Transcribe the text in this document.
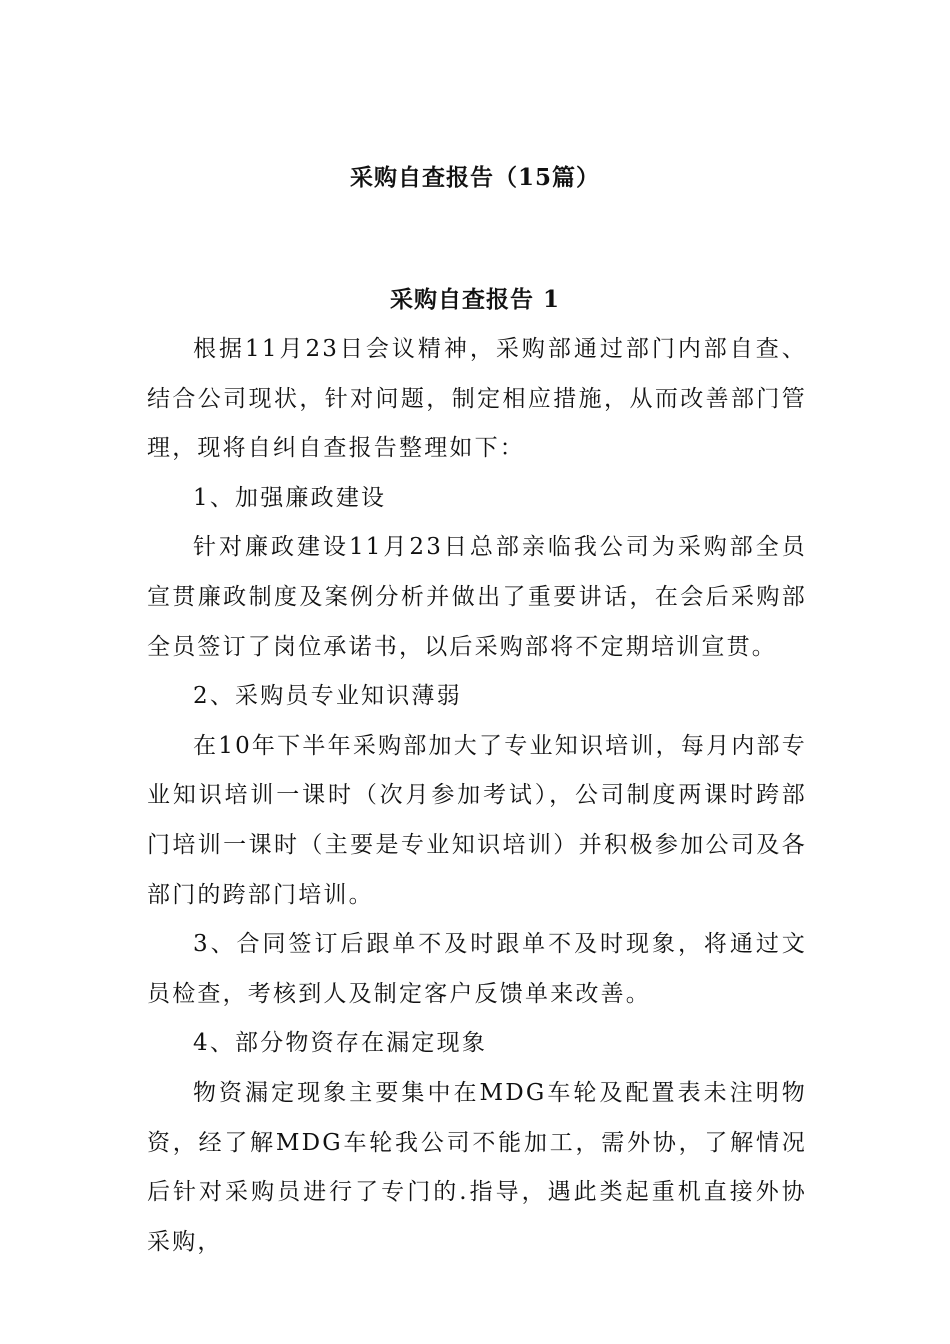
采购自查报告（15篇）
采购自查报告 1

根据11月23日会议精神，采购部通过部门内部自查、结合公司现状，针对问题，制定相应措施，从而改善部门管理，现将自纠自查报告整理如下：

1、加强廉政建设

针对廉政建设11月23日总部亲临我公司为采购部全员宣贯廉政制度及案例分析并做出了重要讲话，在会后采购部全员签订了岗位承诺书，以后采购部将不定期培训宣贯。

2、采购员专业知识薄弱

在10年下半年采购部加大了专业知识培训，每月内部专业知识培训一课时（次月参加考试），公司制度两课时跨部门培训一课时（主要是专业知识培训）并积极参加公司及各部门的跨部门培训。

3、合同签订后跟单不及时跟单不及时现象，将通过文员检查，考核到人及制定客户反馈单来改善。

4、部分物资存在漏定现象

物资漏定现象主要集中在MDG车轮及配置表未注明物资，经了解MDG车轮我公司不能加工，需外协，了解情况后针对采购员进行了专门的.指导，遇此类起重机直接外协采购，
